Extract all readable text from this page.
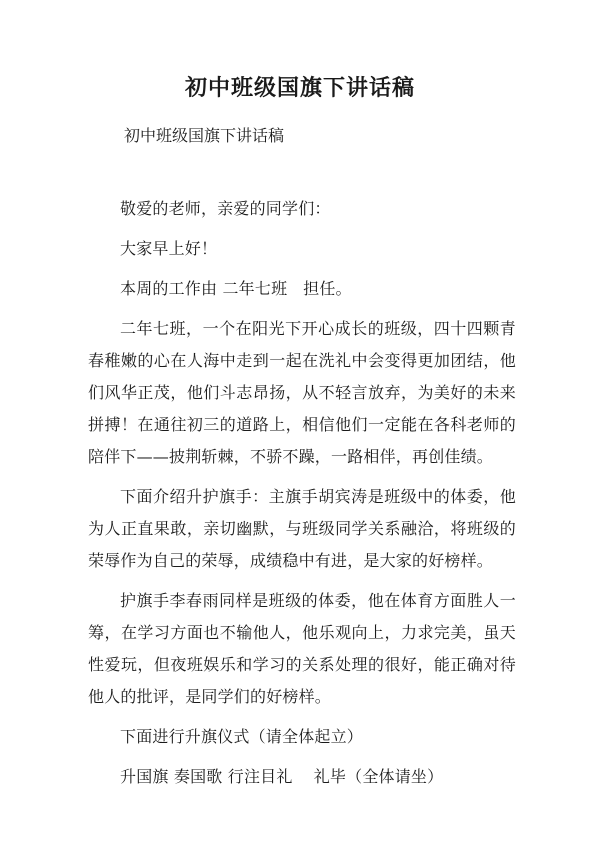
初中班级国旗下讲话稿
初中班级国旗下讲话稿

敬爱的老师，亲爱的同学们：

大家早上好！

本周的工作由 二年七班   担任。

二年七班，一个在阳光下开心成长的班级，四十四颗青春稚嫩的心在人海中走到一起在洗礼中会变得更加团结，他们风华正茂，他们斗志昂扬，从不轻言放弃，为美好的未来拼搏！在通往初三的道路上，相信他们一定能在各科老师的陪伴下——披荆斩棘，不骄不躁，一路相伴，再创佳绩。

下面介绍升护旗手：主旗手胡宾涛是班级中的体委，他为人正直果敢，亲切幽默，与班级同学关系融洽，将班级的荣辱作为自己的荣辱，成绩稳中有进，是大家的好榜样。

护旗手李春雨同样是班级的体委，他在体育方面胜人一筹，在学习方面也不输他人，他乐观向上，力求完美，虽天性爱玩，但夜班娱乐和学习的关系处理的很好，能正确对待他人的批评，是同学们的好榜样。

下面进行升旗仪式（请全体起立）

升国旗 奏国歌 行注目礼    礼毕（全体请坐）
